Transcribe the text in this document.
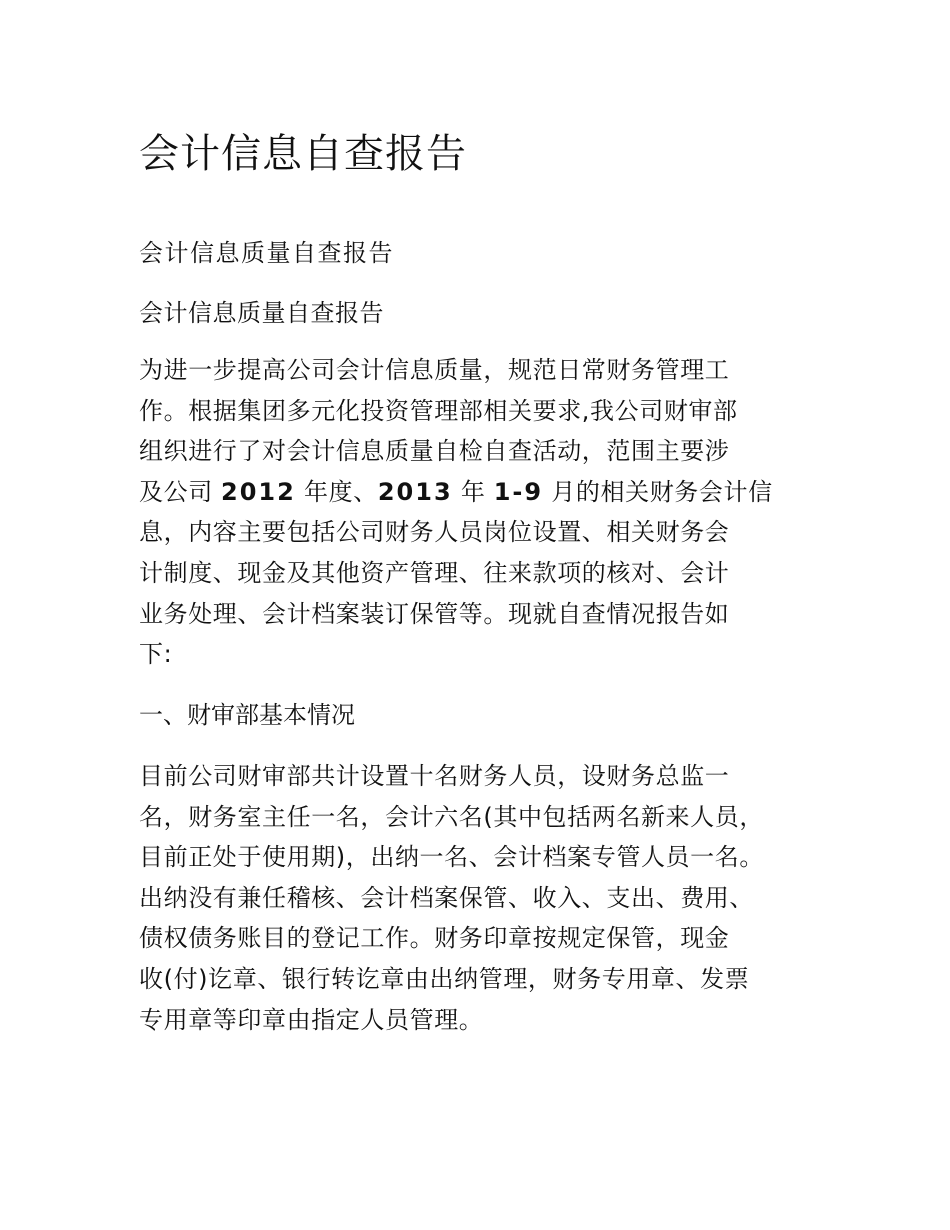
会计信息自查报告

会计信息质量自查报告

会计信息质量自查报告

为进一步提高公司会计信息质量，规范日常财务管理工
作。根据集团多元化投资管理部相关要求,我公司财审部
组织进行了对会计信息质量自检自查活动，范围主要涉
及公司 2012 年度、2013 年 1-9 月的相关财务会计信
息，内容主要包括公司财务人员岗位设置、相关财务会
计制度、现金及其他资产管理、往来款项的核对、会计
业务处理、会计档案装订保管等。现就自查情况报告如
下:

一、财审部基本情况

目前公司财审部共计设置十名财务人员，设财务总监一
名，财务室主任一名，会计六名(其中包括两名新来人员，
目前正处于使用期)，出纳一名、会计档案专管人员一名。
出纳没有兼任稽核、会计档案保管、收入、支出、费用、
债权债务账目的登记工作。财务印章按规定保管，现金
收(付)讫章、银行转讫章由出纳管理，财务专用章、发票
专用章等印章由指定人员管理。
